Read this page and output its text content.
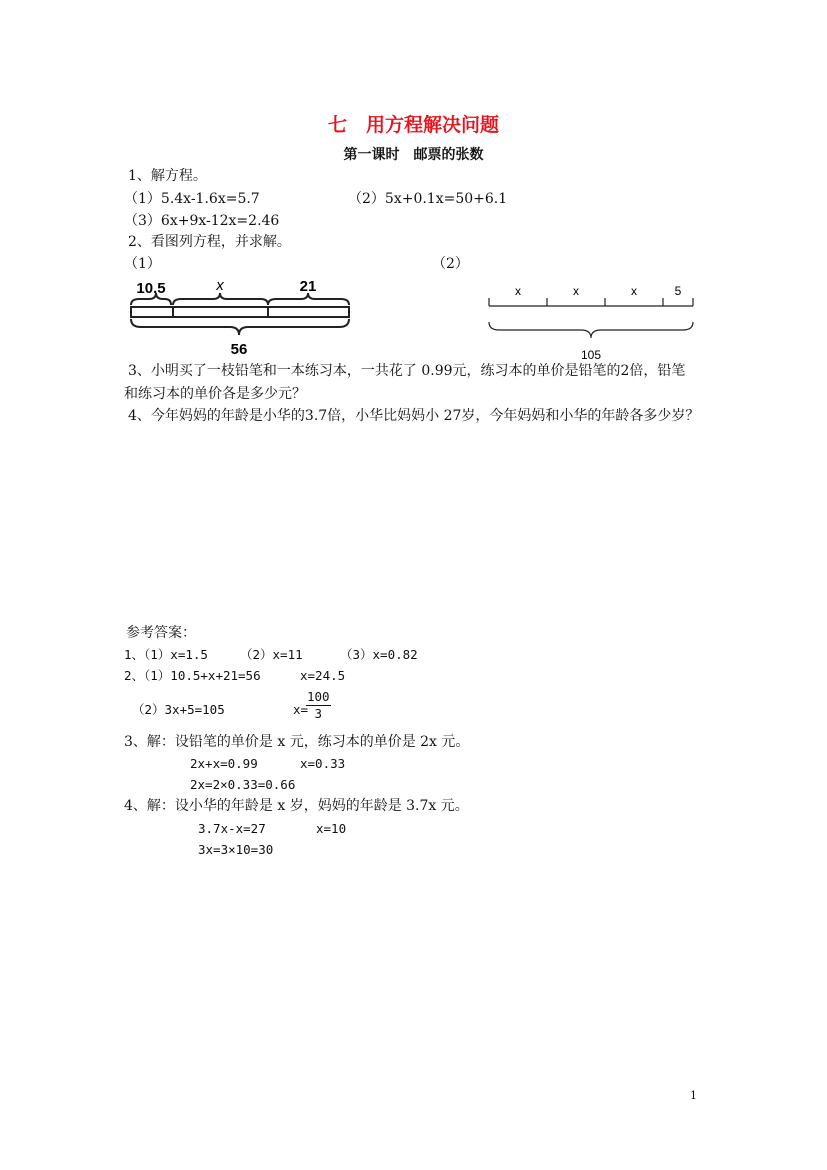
七　用方程解决问题
第一课时　邮票的张数
1、解方程。
（1）5.4x-1.6x=5.7	（2）5x+0.1x=50+6.1
（3）6x+9x-12x=2.46
2、看图列方程，并求解。
（1）	（2）
10.5	x	21
56
x	x	x	5
105
3、小明买了一枝铅笔和一本练习本，一共花了 0.99元，练习本的单价是铅笔的2倍，铅笔
和练习本的单价各是多少元？
4、今年妈妈的年龄是小华的3.7倍，小华比妈妈小 27岁，今年妈妈和小华的年龄各多少岁？
参考答案：
1、（1）x=1.5	（2）x=11	（3）x=0.82
2、（1）10.5+x+21=56	x=24.5
（2）3x+5=105	x=
$\frac{100}{3}$
3、解：设铅笔的单价是 x 元，练习本的单价是 2x 元。
2x+x=0.99	x=0.33
2x=2×0.33=0.66
4、解：设小华的年龄是 x 岁，妈妈的年龄是 3.7x 元。
3.7x-x=27	x=10
3x=3×10=30
1
